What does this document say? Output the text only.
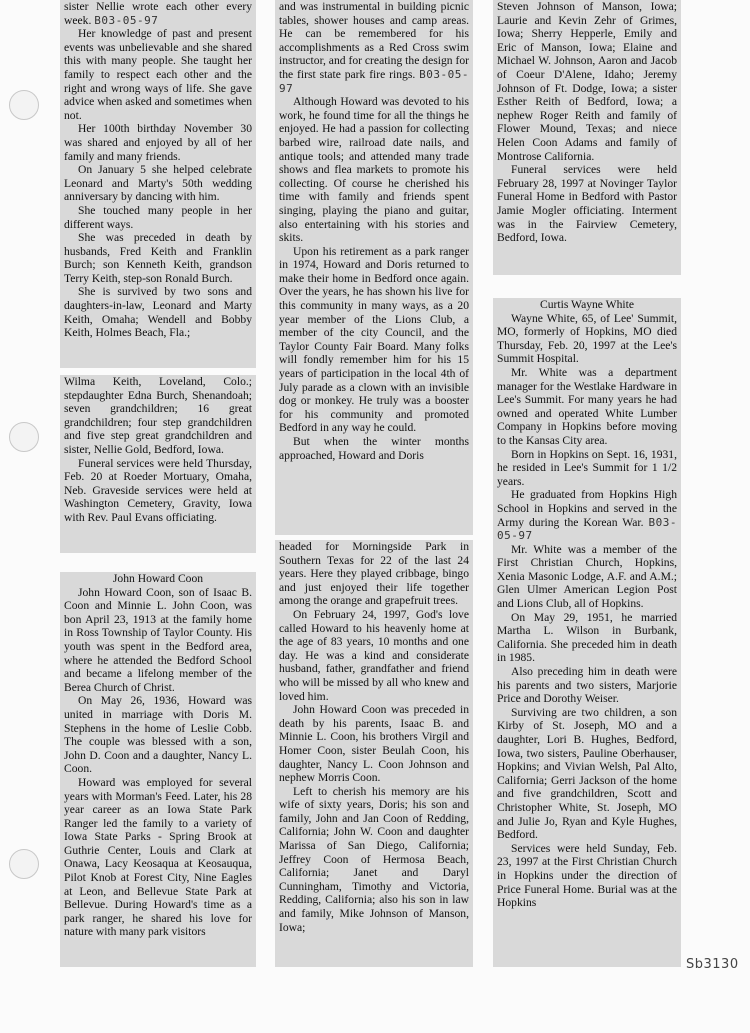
sister Nellie wrote each other every week. B03-05-97

Her knowledge of past and present events was unbelievable and she shared this with many people. She taught her family to respect each other and the right and wrong ways of life. She gave advice when asked and sometimes when not.

Her 100th birthday November 30 was shared and enjoyed by all of her family and many friends.

On January 5 she helped celebrate Leonard and Marty's 50th wedding anniversary by dancing with him.

She touched many people in her different ways.

She was preceded in death by husbands, Fred Keith and Franklin Burch; son Kenneth Keith, grandson Terry Keith, step-son Ronald Burch.

She is survived by two sons and daughters-in-law, Leonard and Marty Keith, Omaha; Wendell and Bobby Keith, Holmes Beach, Fla.;

Wilma Keith, Loveland, Colo.; stepdaughter Edna Burch, Shenandoah; seven grandchildren; 16 great grandchildren; four step grandchildren and five step great grandchildren and sister, Nellie Gold, Bedford, Iowa.

Funeral services were held Thursday, Feb. 20 at Roeder Mortuary, Omaha, Neb. Graveside services were held at Washington Cemetery, Gravity, Iowa with Rev. Paul Evans officiating.

John Howard Coon

John Howard Coon, son of Isaac B. Coon and Minnie L. John Coon, was bon April 23, 1913 at the family home in Ross Township of Taylor County. His youth was spent in the Bedford area, where he attended the Bedford School and became a lifelong member of the Berea Church of Christ.

On May 26, 1936, Howard was united in marriage with Doris M. Stephens in the home of Leslie Cobb. The couple was blessed with a son, John D. Coon and a daughter, Nancy L. Coon.

Howard was employed for several years with Morman's Feed. Later, his 28 year career as an Iowa State Park Ranger led the family to a variety of Iowa State Parks - Spring Brook at Guthrie Center, Louis and Clark at Onawa, Lacy Keosaqua at Keosauqua, Pilot Knob at Forest City, Nine Eagles at Leon, and Bellevue State Park at Bellevue. During Howard's time as a park ranger, he shared his love for nature with many park visitors

and was instrumental in building picnic tables, shower houses and camp areas. He can be remembered for his accomplishments as a Red Cross swim instructor, and for creating the design for the first state park fire rings. B03-05-97

Although Howard was devoted to his work, he found time for all the things he enjoyed. He had a passion for collecting barbed wire, railroad date nails, and antique tools; and attended many trade shows and flea markets to promote his collecting. Of course he cherished his time with family and friends spent singing, playing the piano and guitar, also entertaining with his stories and skits.

Upon his retirement as a park ranger in 1974, Howard and Doris returned to make their home in Bedford once again. Over the years, he has shown his live for this community in many ways, as a 20 year member of the Lions Club, a member of the city Council, and the Taylor County Fair Board. Many folks will fondly remember him for his 15 years of participation in the local 4th of July parade as a clown with an invisible dog or monkey. He truly was a booster for his community and promoted Bedford in any way he could.

But when the winter months approached, Howard and Doris

headed for Morningside Park in Southern Texas for 22 of the last 24 years. Here they played cribbage, bingo and just enjoyed their life together among the orange and grapefruit trees.

On February 24, 1997, God's love called Howard to his heavenly home at the age of 83 years, 10 months and one day. He was a kind and considerate husband, father, grandfather and friend who will be missed by all who knew and loved him.

John Howard Coon was preceded in death by his parents, Isaac B. and Minnie L. Coon, his brothers Virgil and Homer Coon, sister Beulah Coon, his daughter, Nancy L. Coon Johnson and nephew Morris Coon.

Left to cherish his memory are his wife of sixty years, Doris; his son and family, John and Jan Coon of Redding, California; John W. Coon and daughter Marissa of San Diego, California; Jeffrey Coon of Hermosa Beach, California; Janet and Daryl Cunningham, Timothy and Victoria, Redding, California; also his son in law and family, Mike Johnson of Manson, Iowa;

Steven Johnson of Manson, Iowa; Laurie and Kevin Zehr of Grimes, Iowa; Sherry Hepperle, Emily and Eric of Manson, Iowa; Elaine and Michael W. Johnson, Aaron and Jacob of Coeur D'Alene, Idaho; Jeremy Johnson of Ft. Dodge, Iowa; a sister Esther Reith of Bedford, Iowa; a nephew Roger Reith and family of Flower Mound, Texas; and niece Helen Coon Adams and family of Montrose California.

Funeral services were held February 28, 1997 at Novinger Taylor Funeral Home in Bedford with Pastor Jamie Mogler officiating. Interment was in the Fairview Cemetery, Bedford, Iowa.

Curtis Wayne White

Wayne White, 65, of Lee' Summit, MO, formerly of Hopkins, MO died Thursday, Feb. 20, 1997 at the Lee's Summit Hospital.

Mr. White was a department manager for the Westlake Hardware in Lee's Summit. For many years he had owned and operated White Lumber Company in Hopkins before moving to the Kansas City area.

Born in Hopkins on Sept. 16, 1931, he resided in Lee's Summit for 1 1/2 years.

He graduated from Hopkins High School in Hopkins and served in the Army during the Korean War. B03-05-97

Mr. White was a member of the First Christian Church, Hopkins, Xenia Masonic Lodge, A.F. and A.M.; Glen Ulmer American Legion Post and Lions Club, all of Hopkins.

On May 29, 1951, he married Martha L. Wilson in Burbank, California. She preceded him in death in 1985.

Also preceding him in death were his parents and two sisters, Marjorie Price and Dorothy Weiser.

Surviving are two children, a son Kirby of St. Joseph, MO and a daughter, Lori B. Hughes, Bedford, Iowa, two sisters, Pauline Oberhauser, Hopkins; and Vivian Welsh, Pal Alto, California; Gerri Jackson of the home and five grandchildren, Scott and Christopher White, St. Joseph, MO and Julie Jo, Ryan and Kyle Hughes, Bedford.

Services were held Sunday, Feb. 23, 1997 at the First Christian Church in Hopkins under the direction of Price Funeral Home. Burial was at the Hopkins

Sb3130
